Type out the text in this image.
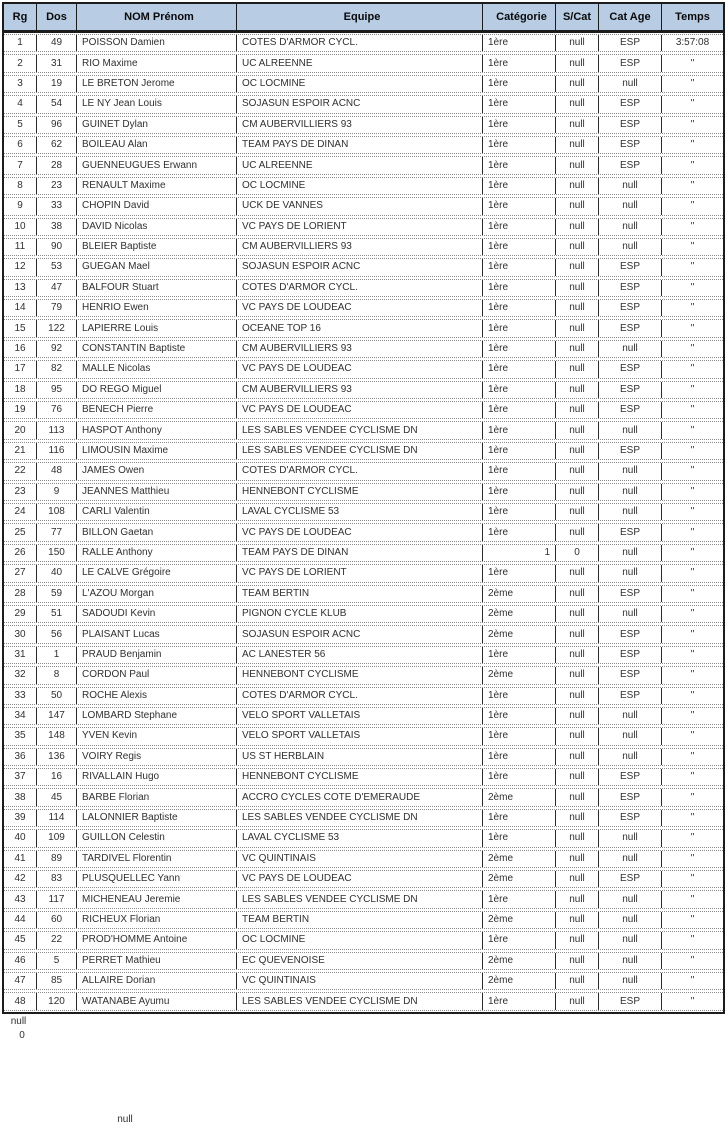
Rg	Dos	NOM Prénom	Equipe	Catégorie	S/Cat	Cat Age	Temps
1	49	POISSON Damien	COTES D'ARMOR CYCL.	1ère	null	ESP	3:57:08
2	31	RIO Maxime	UC ALREENNE	1ère	null	ESP	"
3	19	LE BRETON Jerome	OC LOCMINE	1ère	null	null	"
4	54	LE NY Jean Louis	SOJASUN ESPOIR ACNC	1ère	null	ESP	"
5	96	GUINET Dylan	CM AUBERVILLIERS 93	1ère	null	ESP	"
6	62	BOILEAU Alan	TEAM PAYS DE DINAN	1ère	null	ESP	"
7	28	GUENNEUGUES Erwann	UC ALREENNE	1ère	null	ESP	"
8	23	RENAULT Maxime	OC LOCMINE	1ère	null	null	"
9	33	CHOPIN David	UCK DE VANNES	1ère	null	null	"
10	38	DAVID Nicolas	VC PAYS DE LORIENT	1ère	null	null	"
11	90	BLEIER Baptiste	CM AUBERVILLIERS 93	1ère	null	null	"
12	53	GUEGAN Mael	SOJASUN ESPOIR ACNC	1ère	null	ESP	"
13	47	BALFOUR Stuart	COTES D'ARMOR CYCL.	1ère	null	ESP	"
14	79	HENRIO Ewen	VC PAYS DE LOUDEAC	1ère	null	ESP	"
15	122	LAPIERRE Louis	OCEANE TOP 16	1ère	null	ESP	"
16	92	CONSTANTIN Baptiste	CM AUBERVILLIERS 93	1ère	null	null	"
17	82	MALLE Nicolas	VC PAYS DE LOUDEAC	1ère	null	ESP	"
18	95	DO REGO Miguel	CM AUBERVILLIERS 93	1ère	null	ESP	"
19	76	BENECH Pierre	VC PAYS DE LOUDEAC	1ère	null	ESP	"
20	113	HASPOT Anthony	LES SABLES VENDEE CYCLISME DN	1ère	null	null	"
21	116	LIMOUSIN Maxime	LES SABLES VENDEE CYCLISME DN	1ère	null	ESP	"
22	48	JAMES Owen	COTES D'ARMOR CYCL.	1ère	null	null	"
23	9	JEANNES Matthieu	HENNEBONT CYCLISME	1ère	null	null	"
24	108	CARLI Valentin	LAVAL CYCLISME 53	1ère	null	null	"
25	77	BILLON Gaetan	VC PAYS DE LOUDEAC	1ère	null	ESP	"
26	150	RALLE Anthony	TEAM PAYS DE DINAN	1	0	null	"
27	40	LE CALVE Grégoire	VC PAYS DE LORIENT	1ère	null	null	"
28	59	L'AZOU Morgan	TEAM BERTIN	2ème	null	ESP	"
29	51	SADOUDI Kevin	PIGNON CYCLE KLUB	2ème	null	null	"
30	56	PLAISANT Lucas	SOJASUN ESPOIR ACNC	2ème	null	ESP	"
31	1	PRAUD Benjamin	AC LANESTER 56	1ère	null	ESP	"
32	8	CORDON Paul	HENNEBONT CYCLISME	2ème	null	ESP	"
33	50	ROCHE Alexis	COTES D'ARMOR CYCL.	1ère	null	ESP	"
34	147	LOMBARD Stephane	VELO SPORT VALLETAIS	1ère	null	null	"
35	148	YVEN Kevin	VELO SPORT VALLETAIS	1ère	null	null	"
36	136	VOIRY Regis	US ST HERBLAIN	1ère	null	null	"
37	16	RIVALLAIN Hugo	HENNEBONT CYCLISME	1ère	null	ESP	"
38	45	BARBE Florian	ACCRO CYCLES COTE D'EMERAUDE	2ème	null	ESP	"
39	114	LALONNIER Baptiste	LES SABLES VENDEE CYCLISME DN	1ère	null	ESP	"
40	109	GUILLON Celestin	LAVAL CYCLISME 53	1ère	null	null	"
41	89	TARDIVEL Florentin	VC QUINTINAIS	2ème	null	null	"
42	83	PLUSQUELLEC Yann	VC PAYS DE LOUDEAC	2ème	null	ESP	"
43	117	MICHENEAU Jeremie	LES SABLES VENDEE CYCLISME DN	1ère	null	null	"
44	60	RICHEUX Florian	TEAM BERTIN	2ème	null	null	"
45	22	PROD'HOMME Antoine	OC LOCMINE	1ère	null	null	"
46	5	PERRET Mathieu	EC QUEVENOISE	2ème	null	null	"
47	85	ALLAIRE Dorian	VC QUINTINAIS	2ème	null	null	"
48	120	WATANABE Ayumu	LES SABLES VENDEE CYCLISME DN	1ère	null	ESP	"
null
0
null
